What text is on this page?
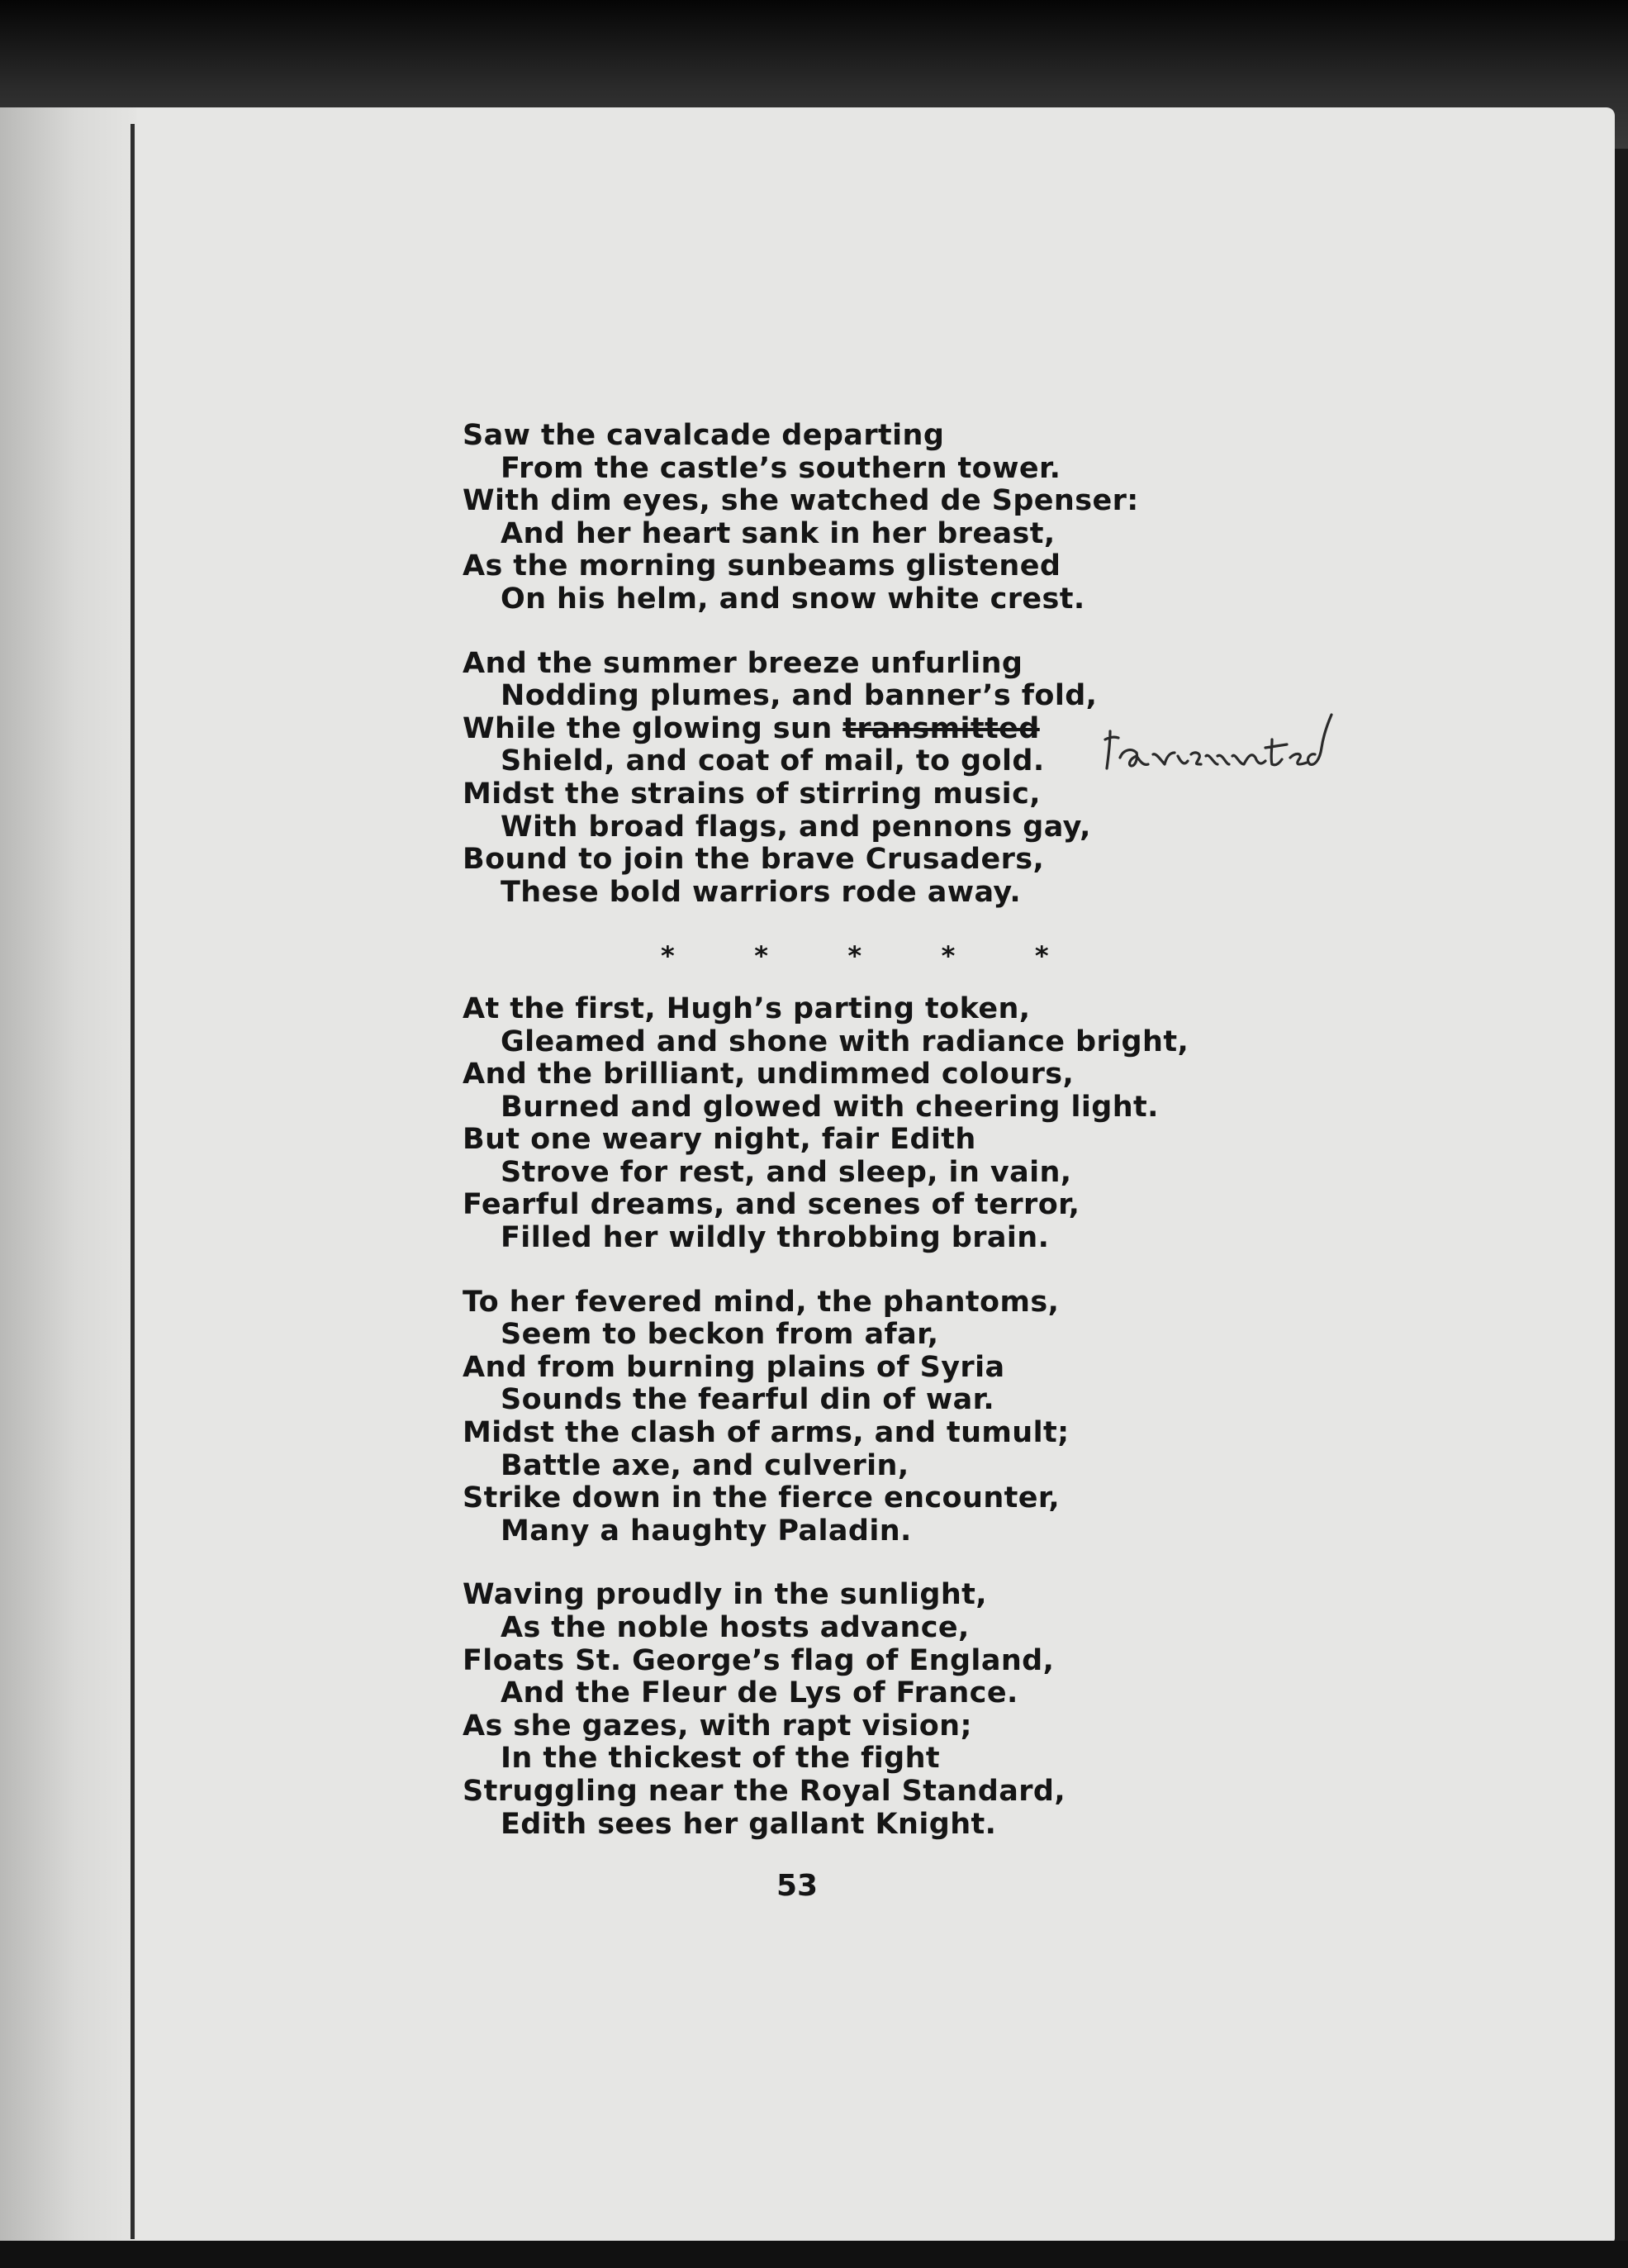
Saw the cavalcade departing
From the castle’s southern tower.
With dim eyes, she watched de Spenser:
And her heart sank in her breast,
As the morning sunbeams glistened
On his helm, and snow white crest.
And the summer breeze unfurling
Nodding plumes, and banner’s fold,
While the glowing sun transmitted
Shield, and coat of mail, to gold.
Midst the strains of stirring music,
With broad flags, and pennons gay,
Bound to join the brave Crusaders,
These bold warriors rode away.
*	*	*	*	*
At the first, Hugh’s parting token,
Gleamed and shone with radiance bright,
And the brilliant, undimmed colours,
Burned and glowed with cheering light.
But one weary night, fair Edith
Strove for rest, and sleep, in vain,
Fearful dreams, and scenes of terror,
Filled her wildly throbbing brain.
To her fevered mind, the phantoms,
Seem to beckon from afar,
And from burning plains of Syria
Sounds the fearful din of war.
Midst the clash of arms, and tumult;
Battle axe, and culverin,
Strike down in the fierce encounter,
Many a haughty Paladin.
Waving proudly in the sunlight,
As the noble hosts advance,
Floats St. George’s flag of England,
And the Fleur de Lys of France.
As she gazes, with rapt vision;
In the thickest of the fight
Struggling near the Royal Standard,
Edith sees her gallant Knight.
53
